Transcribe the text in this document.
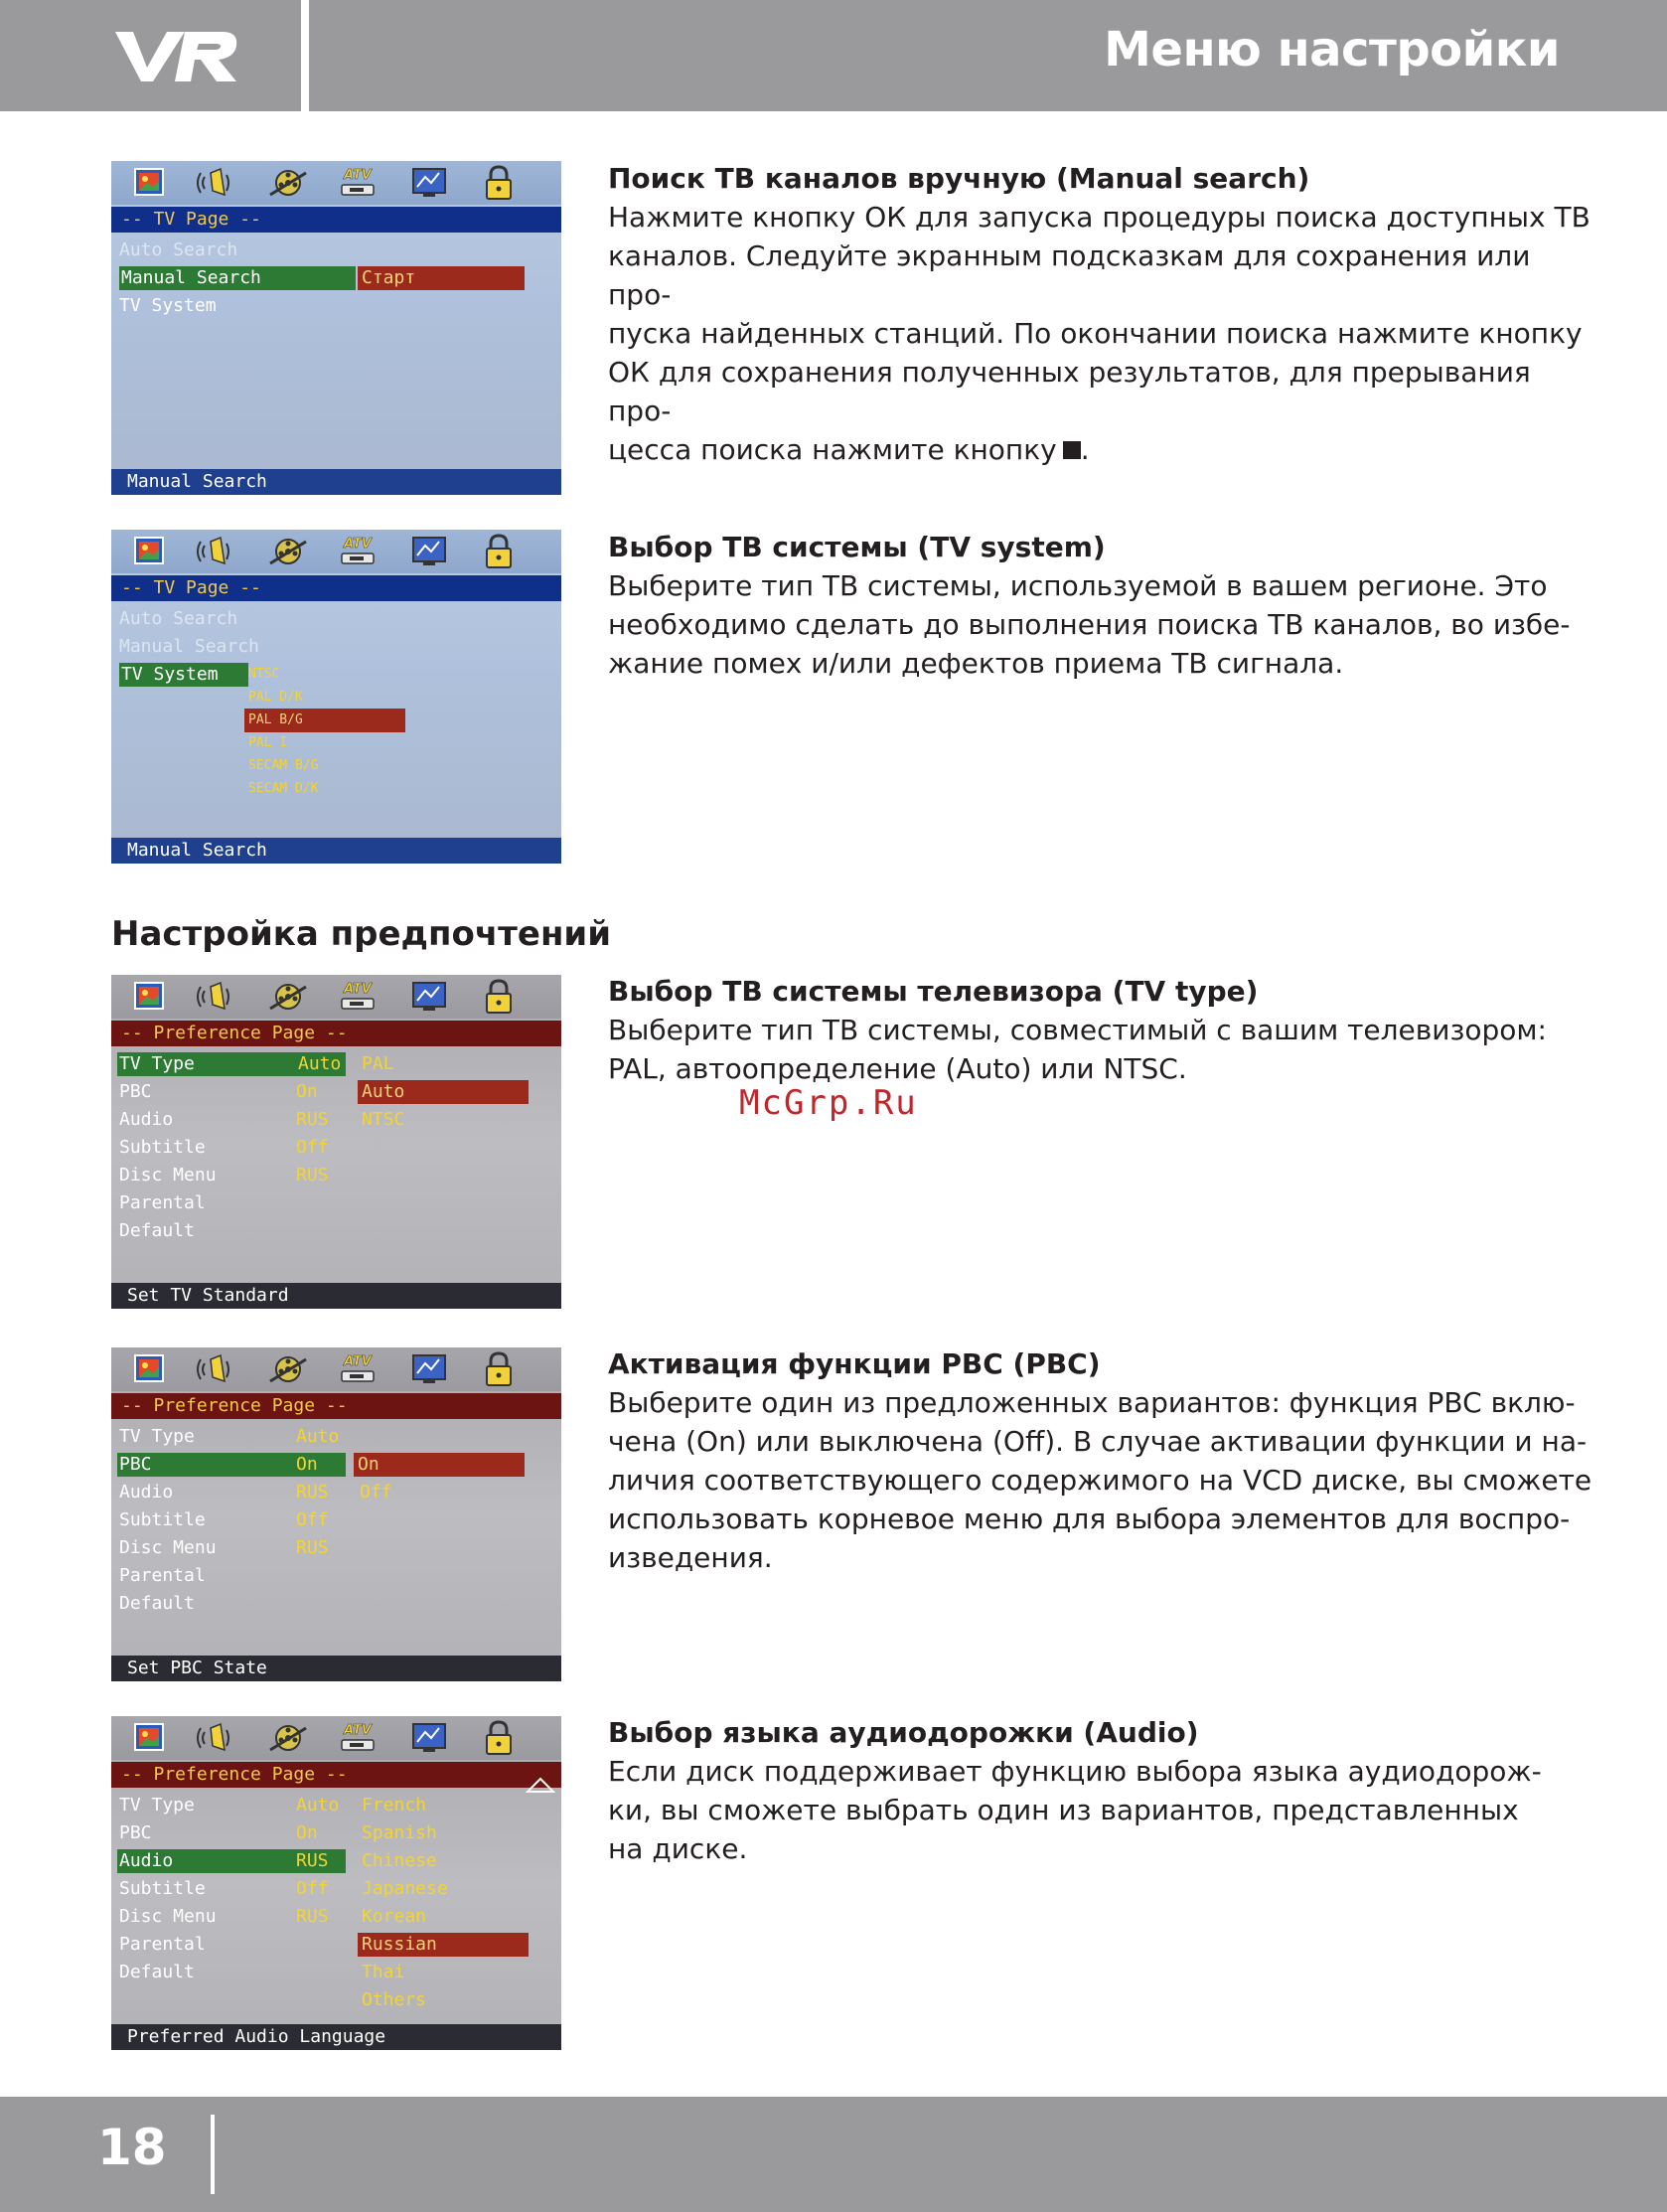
Меню настройки
ATV
-- TV Page --
Auto Search
Manual Search	Старт
TV System
Manual Search
ATV
-- TV Page --
Auto Search
Manual Search
TV System	NTSC
PAL D/K
PAL B/G
PAL I
SECAM B/G
SECAM D/K
Manual Search
ATV
-- Preference Page --
TV Type	Auto
PBC	On
Audio	RUS
Subtitle	Off
Disc Menu	RUS
Parental
Default
PAL
Auto
NTSC
Set TV Standard
ATV
-- Preference Page --
TV Type	Auto
PBC	On
Audio	RUS
Subtitle	Off
Disc Menu	RUS
Parental
Default
On
Off
Set PBC State
ATV
-- Preference Page --
TV Type	Auto
PBC	On
Audio	RUS
Subtitle	Off
Disc Menu	RUS
Parental
Default
French
Spanish
Chinese
Japanese
Korean
Russian
Thai
Others
Preferred Audio Language
Поиск ТВ каналов вручную (Manual search)
Нажмите кнопку ОК для запуска процедуры поиска доступных ТВ
каналов. Следуйте экранным подсказкам для сохранения или про-
пуска найденных станций. По окончании поиска нажмите кнопку
ОК для сохранения полученных результатов, для прерывания про-
цесса поиска нажмите кнопку .
Выбор ТВ системы (TV system)
Выберите тип ТВ системы, используемой в вашем регионе. Это
необходимо сделать до выполнения поиска ТВ каналов, во избе-
жание помех и/или дефектов приема ТВ сигнала.
Настройка предпочтений
Выбор ТВ системы телевизора (TV type)
Выберите тип ТВ системы, совместимый с вашим телевизором:
PAL, автоопределение (Auto) или NTSC.
McGrp.Ru
Активация функции PBC (PBC)
Выберите один из предложенных вариантов: функция PBC вклю-
чена (On) или выключена (Off). В случае активации функции и на-
личия соответствующего содержимого на VCD диске, вы сможете
использовать корневое меню для выбора элементов для воспро-
изведения.
Выбор языка аудиодорожки (Audio)
Если диск поддерживает функцию выбора языка аудиодорож-
ки, вы сможете выбрать один из вариантов, представленных
на диске.
18
